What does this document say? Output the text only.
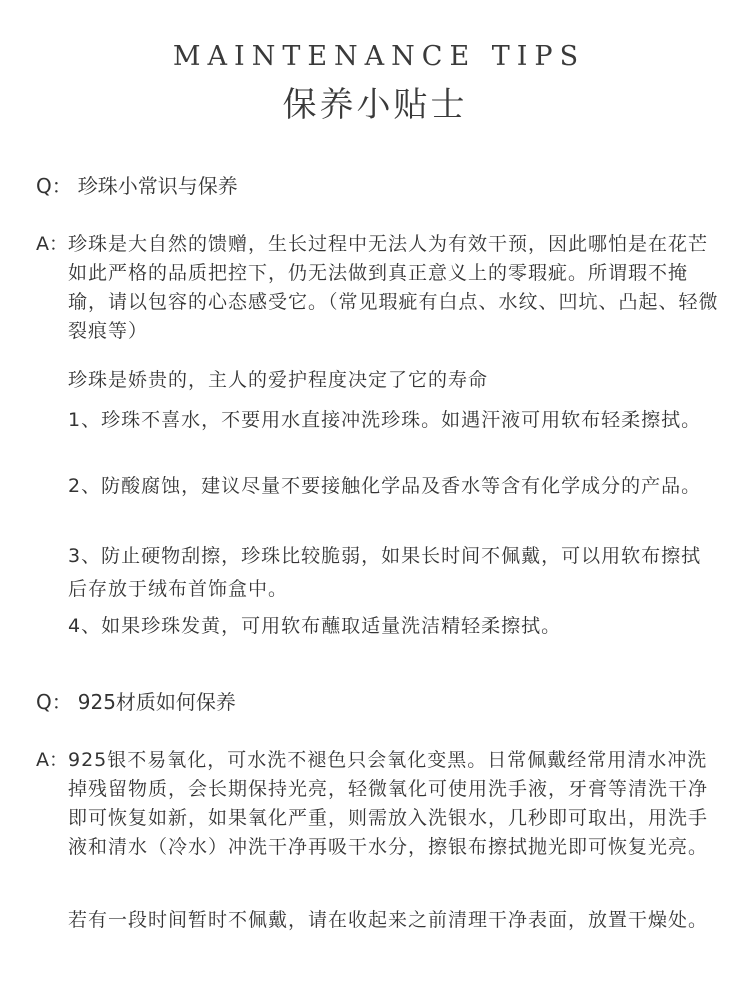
MAINTENANCE TIPS
保养小贴士
Q： 珍珠小常识与保养
A： 珍珠是大自然的馈赠，生长过程中无法人为有效干预，因此哪怕是在花芒如此严格的品质把控下，仍无法做到真正意义上的零瑕疵。所谓瑕不掩瑜，请以包容的心态感受它。（常见瑕疵有白点、水纹、凹坑、凸起、轻微裂痕等）
珍珠是娇贵的，主人的爱护程度决定了它的寿命
1、珍珠不喜水，不要用水直接冲洗珍珠。如遇汗液可用软布轻柔擦拭。
2、防酸腐蚀，建议尽量不要接触化学品及香水等含有化学成分的产品。
3、防止硬物刮擦，珍珠比较脆弱，如果长时间不佩戴，可以用软布擦拭后存放于绒布首饰盒中。
4、如果珍珠发黄，可用软布蘸取适量洗洁精轻柔擦拭。
Q： 925材质如何保养
A： 925银不易氧化，可水洗不褪色只会氧化变黑。日常佩戴经常用清水冲洗掉残留物质，会长期保持光亮，轻微氧化可使用洗手液，牙膏等清洗干净即可恢复如新，如果氧化严重，则需放入洗银水，几秒即可取出，用洗手液和清水（冷水）冲洗干净再吸干水分，擦银布擦拭抛光即可恢复光亮。
若有一段时间暂时不佩戴，请在收起来之前清理干净表面，放置干燥处。
